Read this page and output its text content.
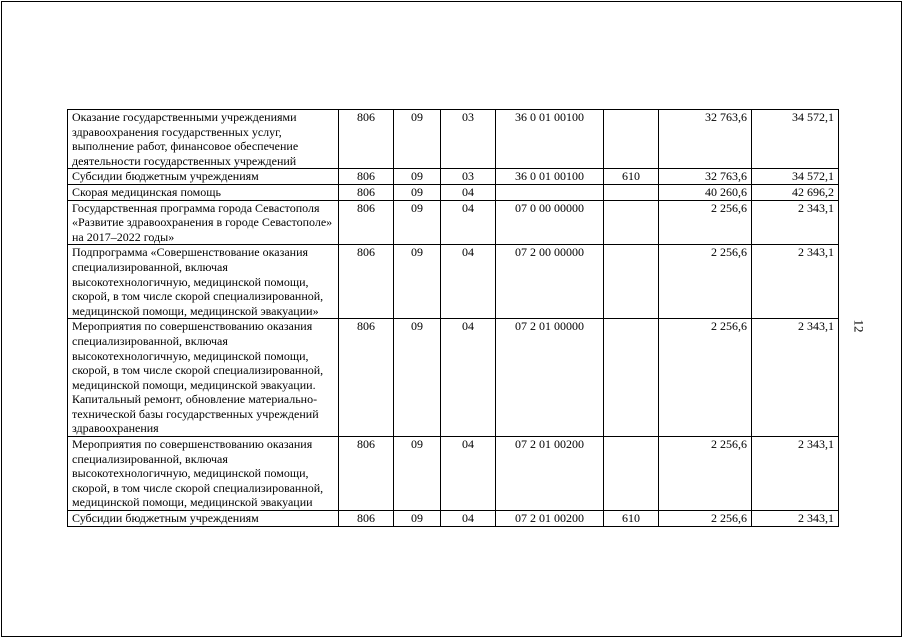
Оказание государственными учреждениями здравоохранения государственных услуг, выполнение работ, финансовое обеспечение деятельности государственных учреждений	806	09	03	36 0 01 00100		32 763,6	34 572,1
Субсидии бюджетным учреждениям	806	09	03	36 0 01 00100	610	32 763,6	34 572,1
Скорая медицинская помощь	806	09	04			40 260,6	42 696,2
Государственная программа города Севастополя «Развитие здравоохранения в городе Севастополе» на 2017–2022 годы»	806	09	04	07 0 00 00000		2 256,6	2 343,1
Подпрограмма «Совершенствование оказания специализированной, включая высокотехнологичную, медицинской помощи, скорой, в том числе скорой специализированной, медицинской помощи, медицинской эвакуации»	806	09	04	07 2 00 00000		2 256,6	2 343,1
Мероприятия по совершенствованию оказания специализированной, включая высокотехнологичную, медицинской помощи, скорой, в том числе скорой специализированной, медицинской помощи, медицинской эвакуации. Капитальный ремонт, обновление материально-технической базы государственных учреждений здравоохранения	806	09	04	07 2 01 00000		2 256,6	2 343,1
Мероприятия по совершенствованию оказания специализированной, включая высокотехнологичную, медицинской помощи, скорой, в том числе скорой специализированной, медицинской помощи, медицинской эвакуации	806	09	04	07 2 01 00200		2 256,6	2 343,1
Субсидии бюджетным учреждениям	806	09	04	07 2 01 00200	610	2 256,6	2 343,1
12
